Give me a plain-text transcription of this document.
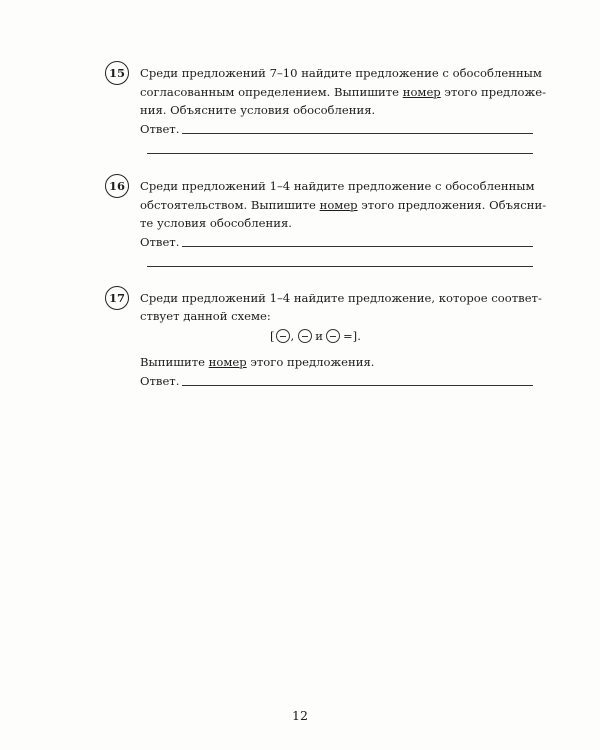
15	Среди предложений 7–10 найдите предложение с обособленным
согласованным определением. Выпишите номер этого предложе-
ния. Объясните условия обособления.
Ответ.
16	Среди предложений 1–4 найдите предложение с обособленным
обстоятельством. Выпишите номер этого предложения. Объясни-
те условия обособления.
Ответ.
17	Среди предложений 1–4 найдите предложение, которое соответ-
ствует данной схеме:
[ , и =].
Выпишите номер этого предложения.
Ответ.
12
